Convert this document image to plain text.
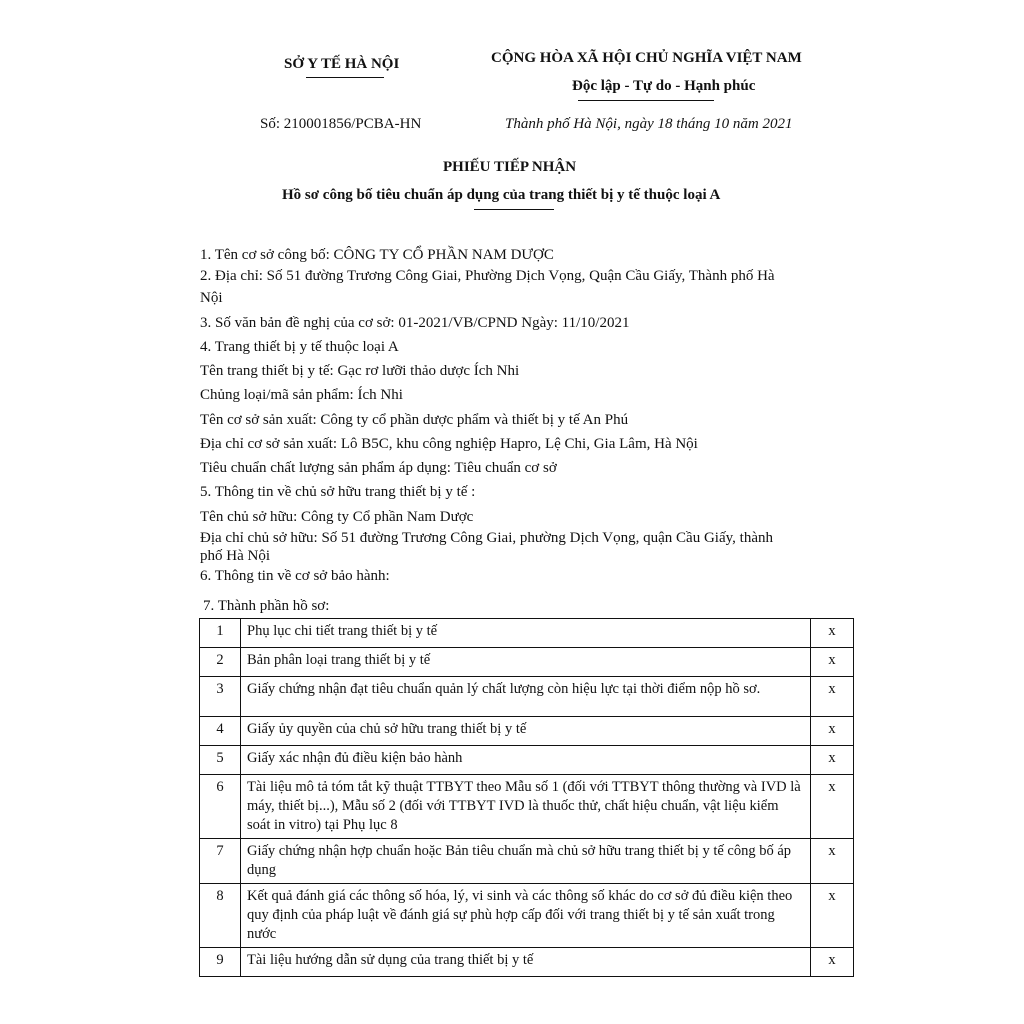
SỞ Y TẾ HÀ NỘI	CỘNG HÒA XÃ HỘI CHỦ NGHĨA VIỆT NAM
Độc lập - Tự do - Hạnh phúc
Số: 210001856/PCBA-HN	Thành phố Hà Nội, ngày 18 tháng 10 năm 2021
PHIẾU TIẾP NHẬN
Hồ sơ công bố tiêu chuẩn áp dụng của trang thiết bị y tế thuộc loại A
1. Tên cơ sở công bố: CÔNG TY CỔ PHẦN NAM DƯỢC
2. Địa chỉ: Số 51 đường Trương Công Giai, Phường Dịch Vọng, Quận Cầu Giấy, Thành phố Hà
Nội
3. Số văn bản đề nghị của cơ sở: 01-2021/VB/CPND Ngày: 11/10/2021
4. Trang thiết bị y tế thuộc loại A
Tên trang thiết bị y tế: Gạc rơ lưỡi thảo dược Ích Nhi
Chủng loại/mã sản phẩm: Ích Nhi
Tên cơ sở sản xuất: Công ty cổ phần dược phẩm và thiết bị y tế An Phú
Địa chỉ cơ sở sản xuất: Lô B5C, khu công nghiệp Hapro, Lệ Chi, Gia Lâm, Hà Nội
Tiêu chuẩn chất lượng sản phẩm áp dụng: Tiêu chuẩn cơ sở
5. Thông tin về chủ sở hữu trang thiết bị y tế :
Tên chủ sở hữu: Công ty Cổ phần Nam Dược
Địa chỉ chủ sở hữu: Số 51 đường Trương Công Giai, phường Dịch Vọng, quận Cầu Giấy, thành
phố Hà Nội
6. Thông tin về cơ sở bảo hành:
7. Thành phần hồ sơ:
1	Phụ lục chi tiết trang thiết bị y tế	x
2	Bản phân loại trang thiết bị y tế	x
3	Giấy chứng nhận đạt tiêu chuẩn quản lý chất lượng còn hiệu lực tại thời điểm nộp hồ sơ.	x
4	Giấy ủy quyền của chủ sở hữu trang thiết bị y tế	x
5	Giấy xác nhận đủ điều kiện bảo hành	x
6	Tài liệu mô tả tóm tắt kỹ thuật TTBYT theo Mẫu số 1 (đối với TTBYT thông thường và IVD là máy, thiết bị...), Mẫu số 2 (đối với TTBYT IVD là thuốc thử, chất hiệu chuẩn, vật liệu kiểm soát in vitro) tại Phụ lục 8	x
7	Giấy chứng nhận hợp chuẩn hoặc Bản tiêu chuẩn mà chủ sở hữu trang thiết bị y tế công bố áp dụng	x
8	Kết quả đánh giá các thông số hóa, lý, vi sinh và các thông số khác do cơ sở đủ điều kiện theo quy định của pháp luật về đánh giá sự phù hợp cấp đối với trang thiết bị y tế sản xuất trong nước	x
9	Tài liệu hướng dẫn sử dụng của trang thiết bị y tế	x
